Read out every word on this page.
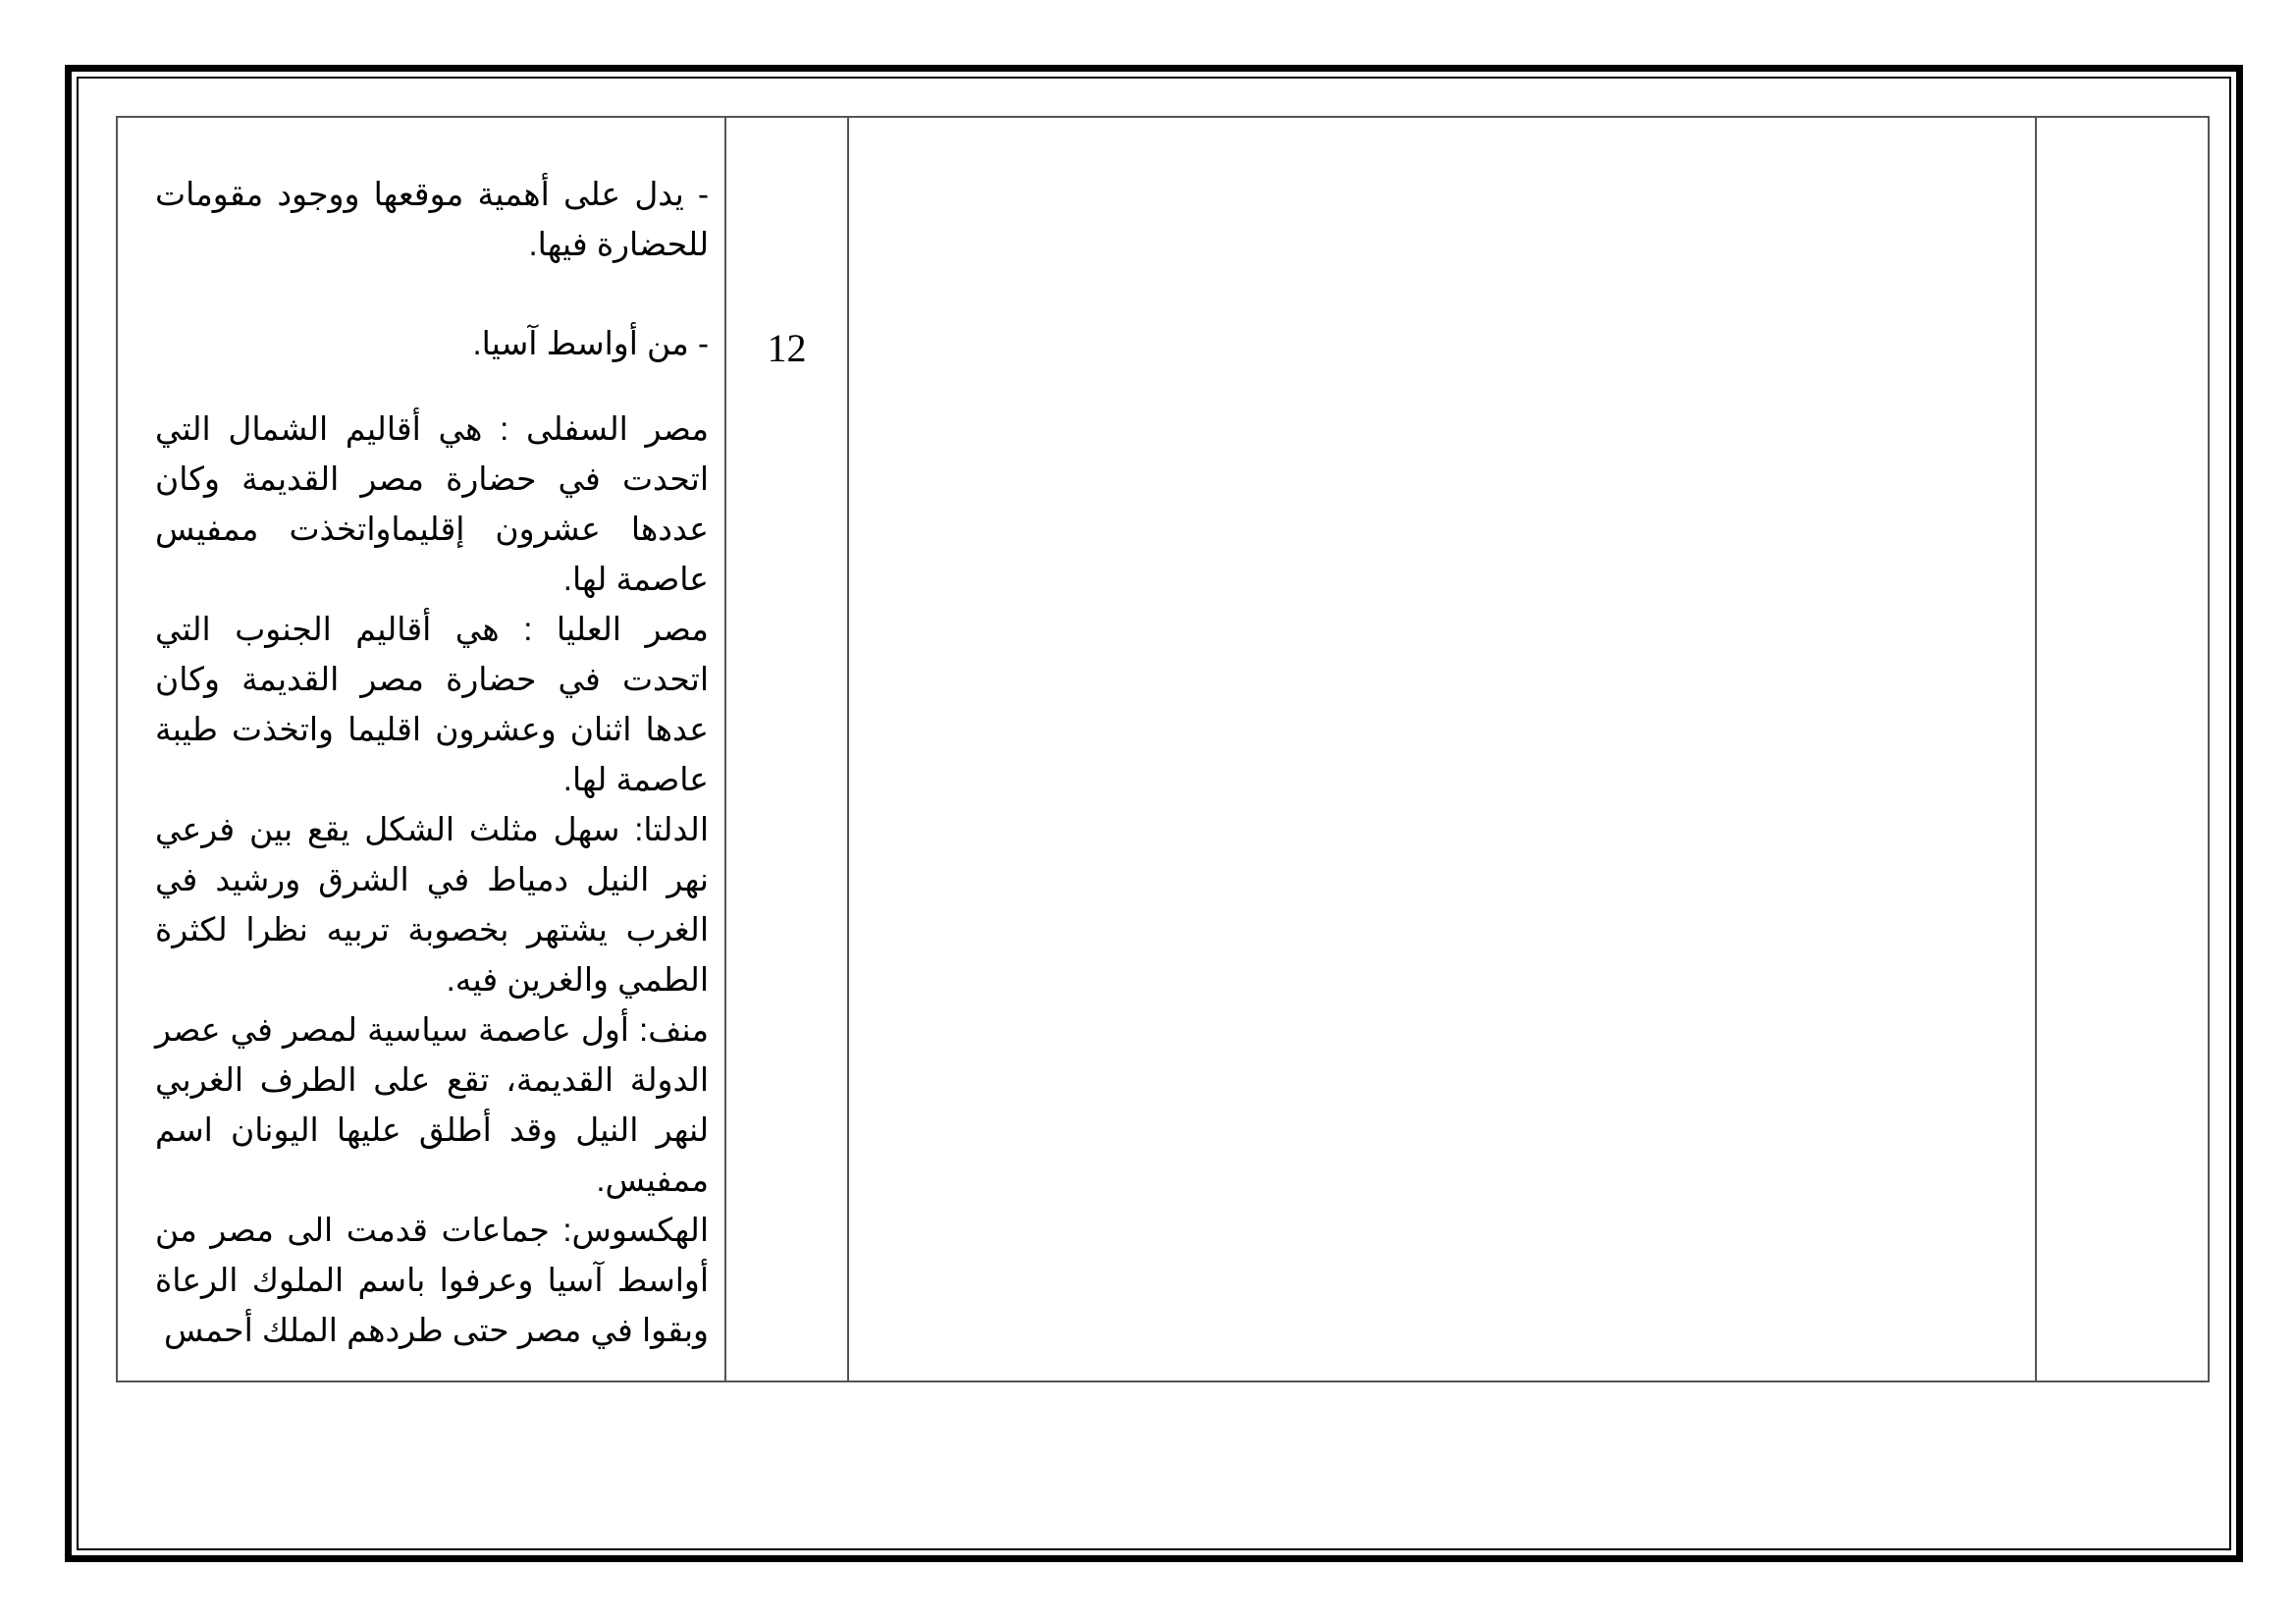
- يدل على أهمية موقعها ووجود مقومات للحضارة فيها.

- من أواسط آسيا.

مصر السفلى : هي أقاليم الشمال التي اتحدت في حضارة مصر القديمة وكان عددها عشرون إقليماواتخذت ممفيس عاصمة لها.

مصر العليا : هي أقاليم الجنوب التي اتحدت في حضارة مصر القديمة وكان عدها اثنان وعشرون اقليما واتخذت طيبة عاصمة لها.

الدلتا: سهل مثلث الشكل يقع بين فرعي نهر النيل دمياط في الشرق ورشيد في الغرب يشتهر بخصوبة تربيه نظرا لكثرة الطمي والغرين فيه.

منف: أول عاصمة سياسية لمصر في عصر الدولة القديمة، تقع على الطرف الغربي لنهر النيل وقد أطلق عليها اليونان اسم ممفيس.

الهكسوس: جماعات قدمت الى مصر من أواسط آسيا وعرفوا باسم الملوك الرعاة وبقوا في مصر حتى طردهم الملك أحمس

12
